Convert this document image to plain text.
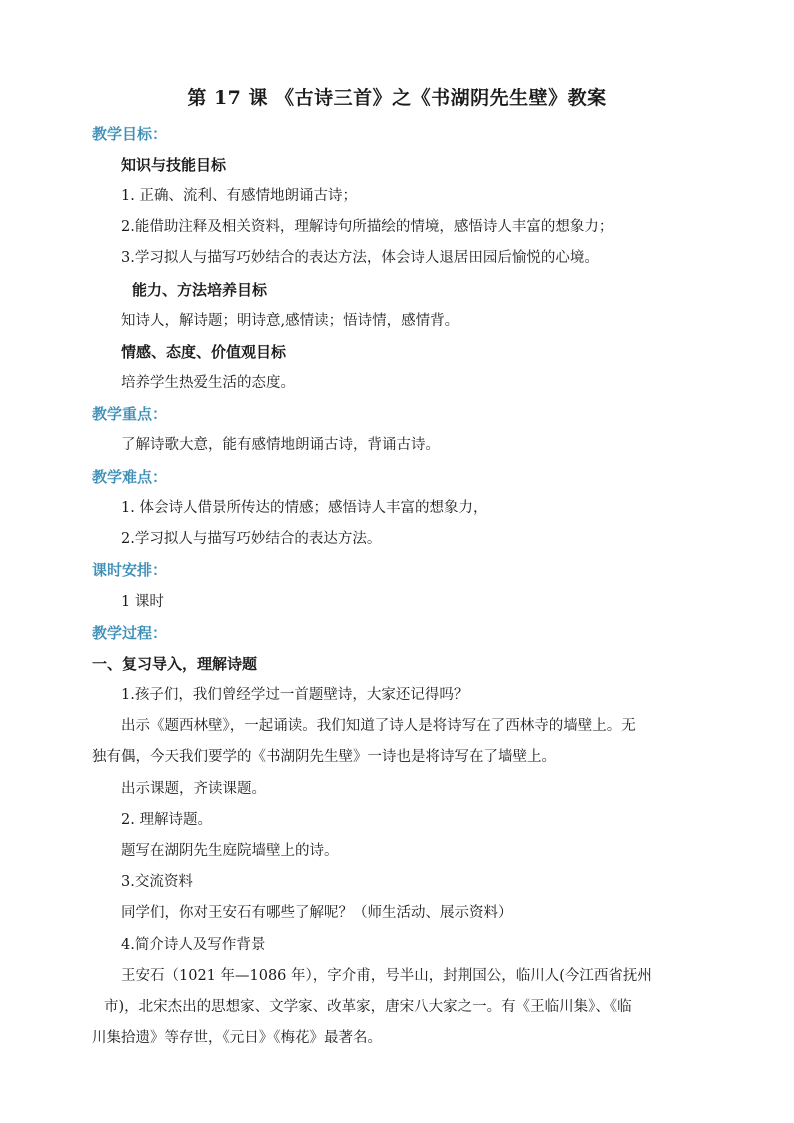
第 17 课 《古诗三首》之《书湖阴先生壁》教案
教学目标：
知识与技能目标
1. 正确、流利、有感情地朗诵古诗；
2.能借助注释及相关资料，理解诗句所描绘的情境，感悟诗人丰富的想象力；
3.学习拟人与描写巧妙结合的表达方法，体会诗人退居田园后愉悦的心境。
能力、方法培养目标
知诗人，解诗题；明诗意,感情读；悟诗情，感情背。
情感、态度、价值观目标
培养学生热爱生活的态度。
教学重点：
了解诗歌大意，能有感情地朗诵古诗，背诵古诗。
教学难点：
1. 体会诗人借景所传达的情感；感悟诗人丰富的想象力，
2.学习拟人与描写巧妙结合的表达方法。
课时安排：
1 课时
教学过程：
一、复习导入，理解诗题
1.孩子们，我们曾经学过一首题壁诗，大家还记得吗？
出示《题西林壁》，一起诵读。我们知道了诗人是将诗写在了西林寺的墙壁上。无
独有偶，今天我们要学的《书湖阴先生壁》一诗也是将诗写在了墙壁上。
出示课题，齐读课题。
2. 理解诗题。
题写在湖阴先生庭院墙壁上的诗。
3.交流资料
同学们，你对王安石有哪些了解呢？（师生活动、展示资料）
4.简介诗人及写作背景
王安石（1021 年—1086 年），字介甫，号半山，封荆国公，临川人(今江西省抚州
市)，北宋杰出的思想家、文学家、改革家，唐宋八大家之一。有《王临川集》、《临
川集拾遗》等存世，《元日》《梅花》最著名。
